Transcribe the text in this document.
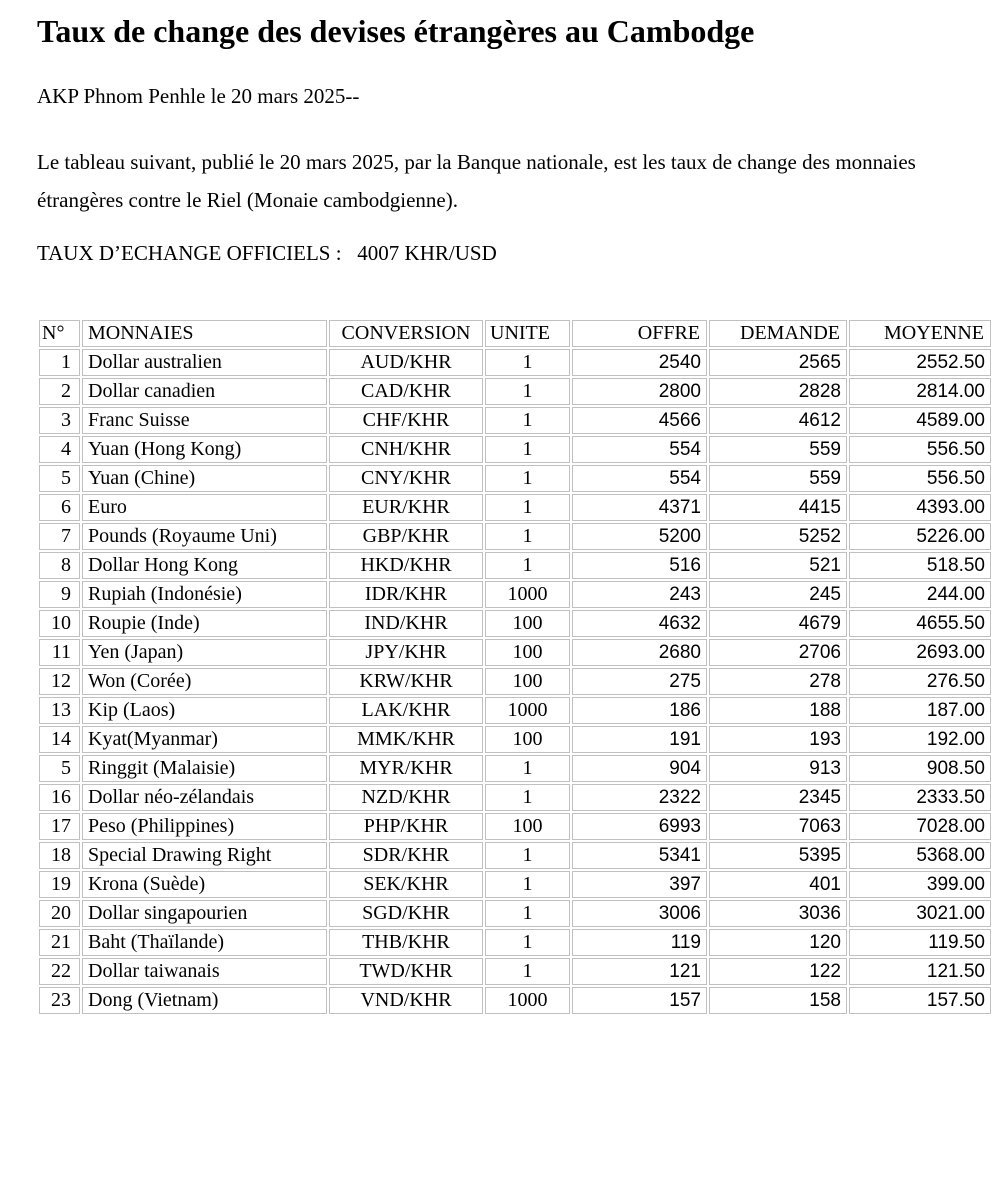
Taux de change des devises étrangères au Cambodge

AKP Phnom Penhle le 20 mars 2025--

Le tableau suivant, publié le 20 mars 2025, par la Banque nationale, est les taux de change des monnaies étrangères contre le Riel (Monaie cambodgienne).

TAUX D’ECHANGE OFFICIELS :   4007 KHR/USD

N°	MONNAIES	CONVERSION	UNITE	OFFRE	DEMANDE	MOYENNE
1	Dollar australien	AUD/KHR	1	2540	2565	2552.50
2	Dollar canadien	CAD/KHR	1	2800	2828	2814.00
3	Franc Suisse	CHF/KHR	1	4566	4612	4589.00
4	Yuan (Hong Kong)	CNH/KHR	1	554	559	556.50
5	Yuan (Chine)	CNY/KHR	1	554	559	556.50
6	Euro	EUR/KHR	1	4371	4415	4393.00
7	Pounds (Royaume Uni)	GBP/KHR	1	5200	5252	5226.00
8	Dollar Hong Kong	HKD/KHR	1	516	521	518.50
9	Rupiah (Indonésie)	IDR/KHR	1000	243	245	244.00
10	Roupie (Inde)	IND/KHR	100	4632	4679	4655.50
11	Yen (Japan)	JPY/KHR	100	2680	2706	2693.00
12	Won (Corée)	KRW/KHR	100	275	278	276.50
13	Kip (Laos)	LAK/KHR	1000	186	188	187.00
14	Kyat(Myanmar)	MMK/KHR	100	191	193	192.00
5	Ringgit (Malaisie)	MYR/KHR	1	904	913	908.50
16	Dollar néo-zélandais	NZD/KHR	1	2322	2345	2333.50
17	Peso (Philippines)	PHP/KHR	100	6993	7063	7028.00
18	Special Drawing Right	SDR/KHR	1	5341	5395	5368.00
19	Krona (Suède)	SEK/KHR	1	397	401	399.00
20	Dollar singapourien	SGD/KHR	1	3006	3036	3021.00
21	Baht (Thaïlande)	THB/KHR	1	119	120	119.50
22	Dollar taiwanais	TWD/KHR	1	121	122	121.50
23	Dong (Vietnam)	VND/KHR	1000	157	158	157.50
